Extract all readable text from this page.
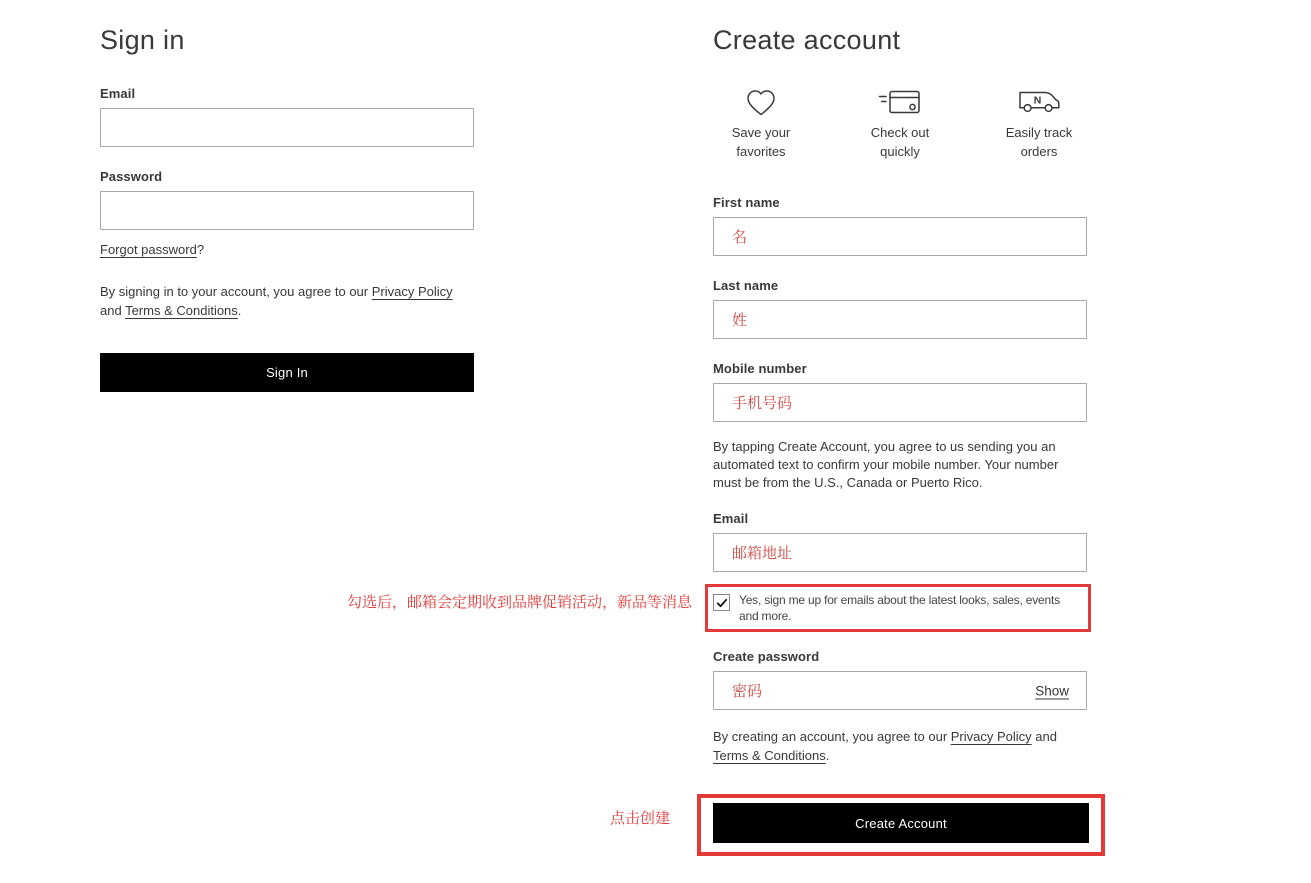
Sign in
Email
Password

Forgot password?

By signing in to your account, you agree to our Privacy Policy and Terms & Conditions.

Sign In
Create account
Save your favorites
Check out quickly
N
Easily track orders
First name
名
Last name
姓
Mobile number
手机号码

By tapping Create Account, you agree to us sending you an automated text to confirm your mobile number. Your number must be from the U.S., Canada or Puerto Rico.

Email
邮箱地址
Yes, sign me up for emails about the latest looks, sales, events and more.
Create password
密码
Show

By creating an account, you agree to our Privacy Policy and Terms & Conditions.

Create Account
勾选后，邮箱会定期收到品牌促销活动，新品等消息
点击创建
